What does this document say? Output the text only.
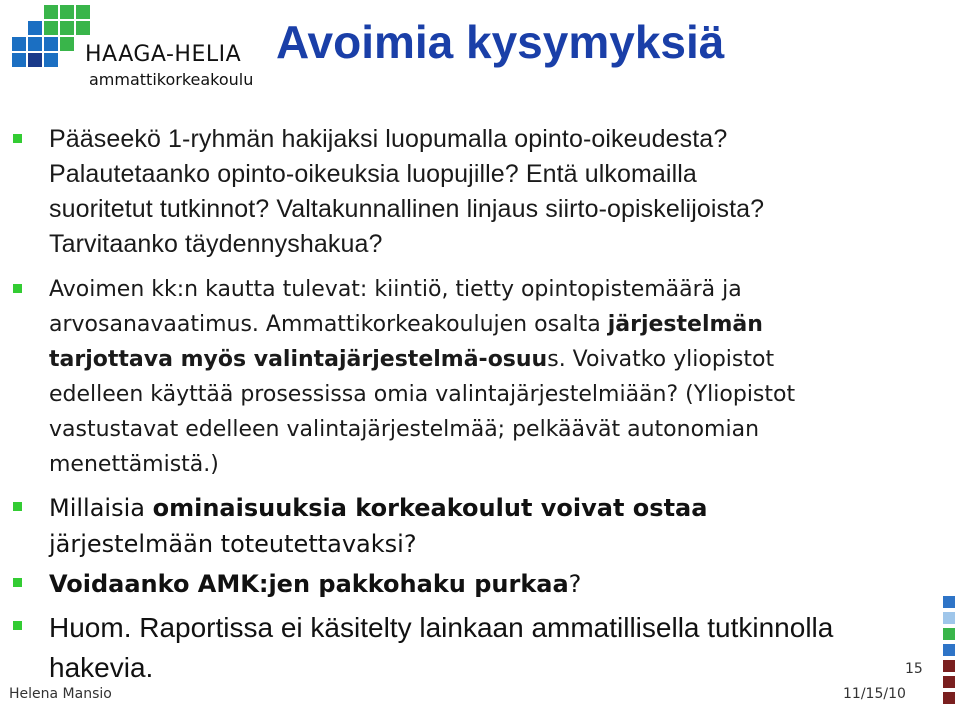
HAAGA-HELIA
ammattikorkeakoulu
Avoimia kysymyksiä
Pääseekö 1-ryhmän hakijaksi luopumalla opinto-oikeudesta?
Palautetaanko opinto-oikeuksia luopujille? Entä ulkomailla
suoritetut tutkinnot? Valtakunnallinen linjaus siirto-opiskelijoista?
Tarvitaanko täydennyshakua?
Avoimen kk:n kautta tulevat: kiintiö, tietty opintopistemäärä ja
arvosanavaatimus. Ammattikorkeakoulujen osalta järjestelmän
tarjottava myös valintajärjestelmä-osuus. Voivatko yliopistot
edelleen käyttää prosessissa omia valintajärjestelmiään? (Yliopistot
vastustavat edelleen valintajärjestelmää; pelkäävät autonomian
menettämistä.)
Millaisia ominaisuuksia korkeakoulut voivat ostaa
järjestelmään toteutettavaksi?
Voidaanko AMK:jen pakkohaku purkaa?
Huom. Raportissa ei käsitelty lainkaan ammatillisella tutkinnolla
hakevia.	15
Helena Mansio	11/15/10
